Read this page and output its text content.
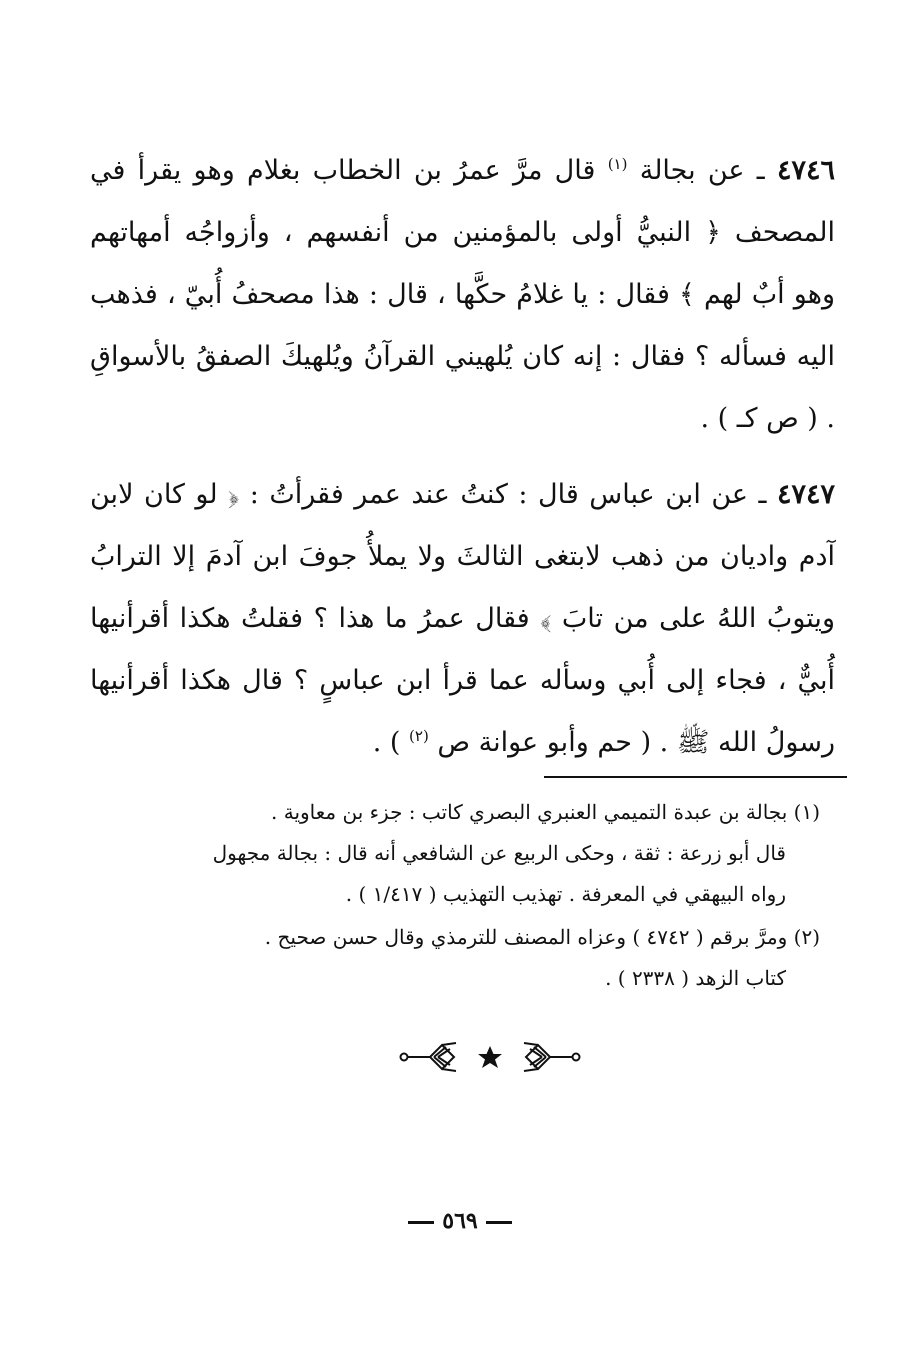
٤٧٤٦ ـ عن بجالة $^{(١)}$ قال مرَّ عمرُ بن الخطاب بغلام وهو يقرأ في المصحف ﴿ النبيُّ أولى بالمؤمنين من أنفسهم ، وأزواجُه أمهاتهم وهو أبٌ لهم ﴾ فقال : يا غلامُ حكَّها ، قال : هذا مصحفُ أُبيّ ، فذهب اليه فسأله ؟ فقال : إنه كان يُلهيني القرآنُ ويُلهيكَ الصفقُ بالأسواقِ . ( ص كـ ) .

٤٧٤٧ ـ عن ابن عباس قال : كنتُ عند عمر فقرأتُ : ﴿ لو كان لابن آدم واديان من ذهب لابتغى الثالثَ ولا يملأُ جوفَ ابن آدمَ إلا الترابُ ويتوبُ اللهُ على من تابَ ﴾ فقال عمرُ ما هذا ؟ فقلتُ هكذا أقرأنيها أُبيٌّ ، فجاء إلى أُبي وسأله عما قرأ ابن عباسٍ ؟ قال هكذا أقرأنيها رسولُ الله ﷺ . ( حم وأبو عوانة ص $^{(٢)}$ ) .

(١) بجالة بن عبدة التميمي العنبري البصري كاتب : جزء بن معاوية .
قال أبو زرعة : ثقة ، وحكى الربيع عن الشافعي أنه قال : بجالة مجهول
رواه البيهقي في المعرفة . تهذيب التهذيب ( ١/٤١٧ ) .
(٢) ومرَّ برقم ( ٤٧٤٢ ) وعزاه المصنف للترمذي وقال حسن صحيح .
كتاب الزهد ( ٢٣٣٨ ) .
٥٦٩
